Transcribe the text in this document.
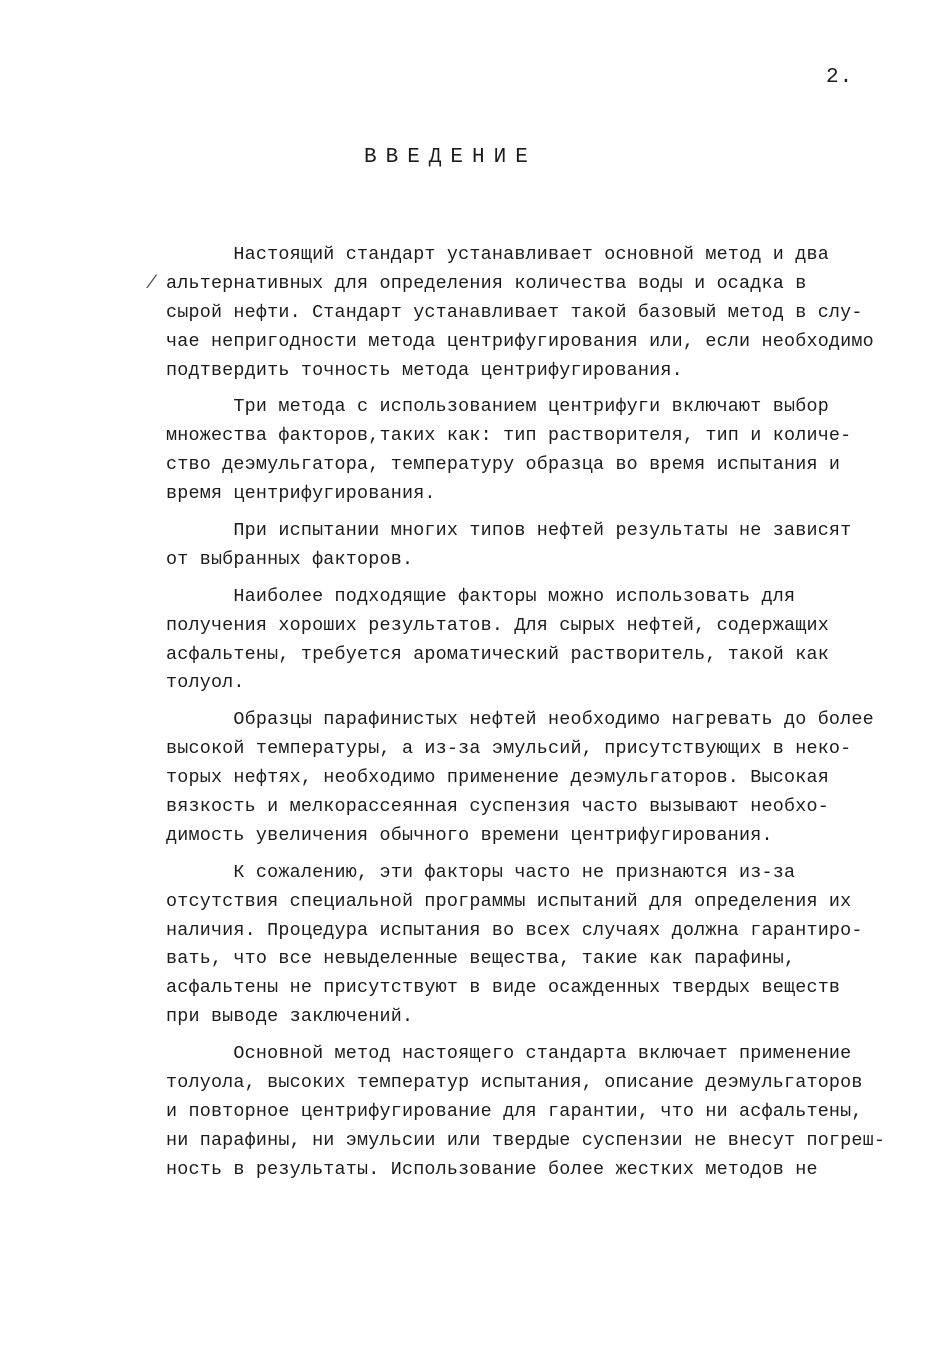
2.
ВВЕДЕНИЕ
/
Настоящий стандарт устанавливает основной метод и два
альтернативных для определения количества воды и осадка в
сырой нефти. Стандарт устанавливает такой базовый метод в слу-
чае непригодности метода центрифугирования или, если необходимо
подтвердить точность метода центрифугирования.
Три метода с использованием центрифуги включают выбор
множества факторов,таких как: тип растворителя, тип и количе-
ство деэмульгатора, температуру образца во время испытания и
время центрифугирования.
При испытании многих типов нефтей результаты не зависят
от выбранных факторов.
Наиболее подходящие факторы можно использовать для
получения хороших результатов. Для сырых нефтей, содержащих
асфальтены, требуется ароматический растворитель, такой как
толуол.
Образцы парафинистых нефтей необходимо нагревать до более
высокой температуры, а из-за эмульсий, присутствующих в неко-
торых нефтях, необходимо применение деэмульгаторов. Высокая
вязкость и мелкорассеянная суспензия часто вызывают необхо-
димость увеличения обычного времени центрифугирования.
К сожалению, эти факторы часто не признаются из-за
отсутствия специальной программы испытаний для определения их
наличия. Процедура испытания во всех случаях должна гарантиро-
вать, что все невыделенные вещества, такие как парафины,
асфальтены не присутствуют в виде осажденных твердых веществ
при выводе заключений.
Основной метод настоящего стандарта включает применение
толуола, высоких температур испытания, описание деэмульгаторов
и повторное центрифугирование для гарантии, что ни асфальтены,
ни парафины, ни эмульсии или твердые суспензии не внесут погреш-
ность в результаты. Использование более жестких методов не
